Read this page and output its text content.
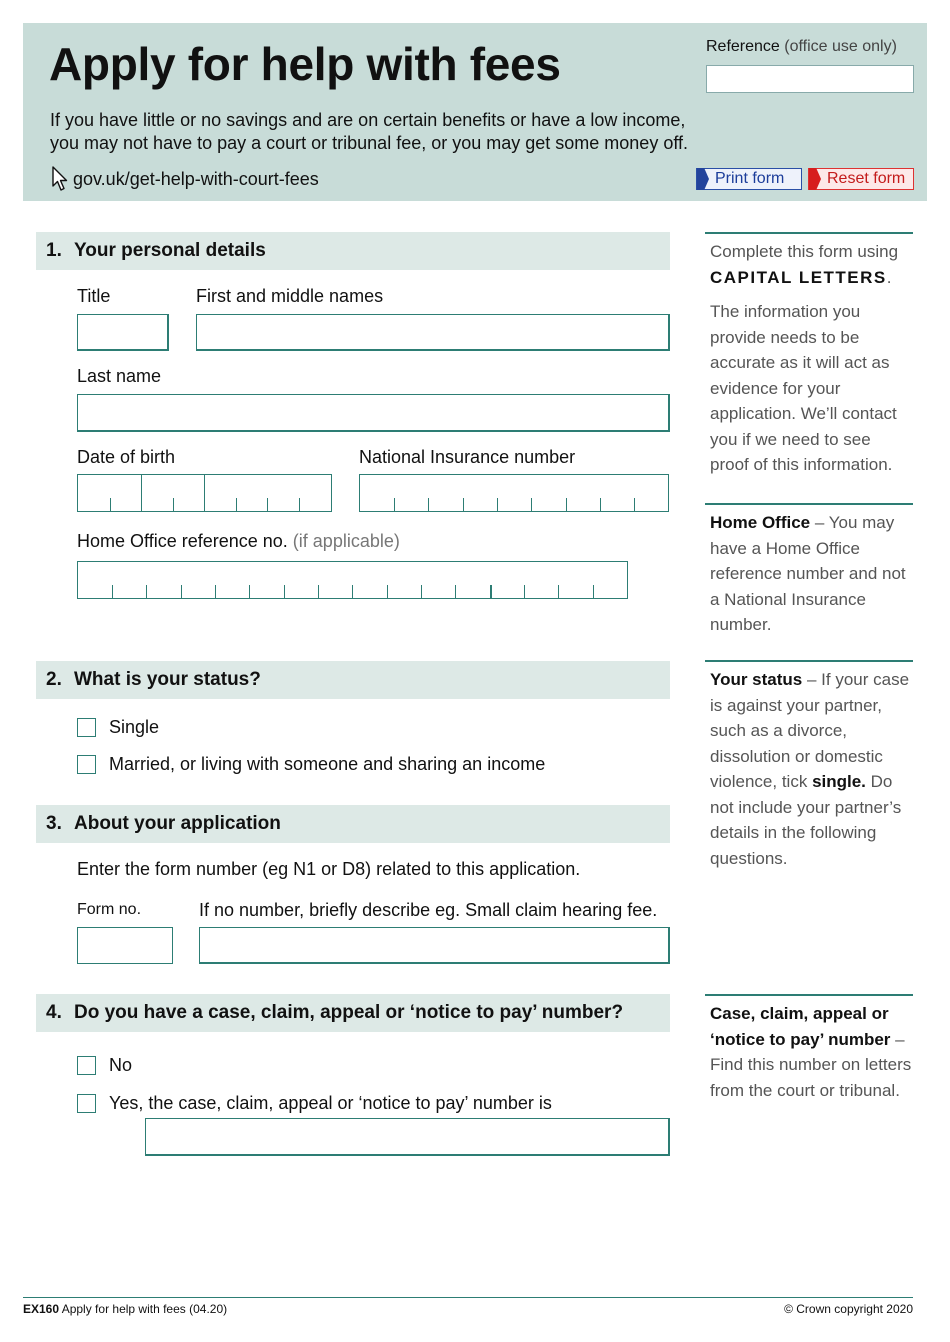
Apply for help with fees
If you have little or no savings and are on certain benefits or have a low income, you may not have to pay a court or tribunal fee, or you may get some money off.
gov.uk/get-help-with-court-fees
Reference (office use only)
Print form	Reset form
1. Your personal details
Title	First and middle names
Last name
Date of birth	National Insurance number
Home Office reference no. (if applicable)
2. What is your status?
Single
Married, or living with someone and sharing an income
3. About your application
Enter the form number (eg N1 or D8) related to this application.
Form no.	If no number, briefly describe eg. Small claim hearing fee.
4. Do you have a case, claim, appeal or ‘notice to pay’ number?
No
Yes, the case, claim, appeal or ‘notice to pay’ number is
Complete this form using
CAPITAL LETTERS.
The information you provide needs to be accurate as it will act as evidence for your application. We’ll contact you if we need to see proof of this information.
Home Office – You may have a Home Office reference number and not a National Insurance number.
Your status – If your case is against your partner, such as a divorce, dissolution or domestic violence, tick single. Do not include your partner’s details in the following questions.
Case, claim, appeal or ‘notice to pay’ number – Find this number on letters from the court or tribunal.
EX160 Apply for help with fees (04.20)	© Crown copyright 2020
